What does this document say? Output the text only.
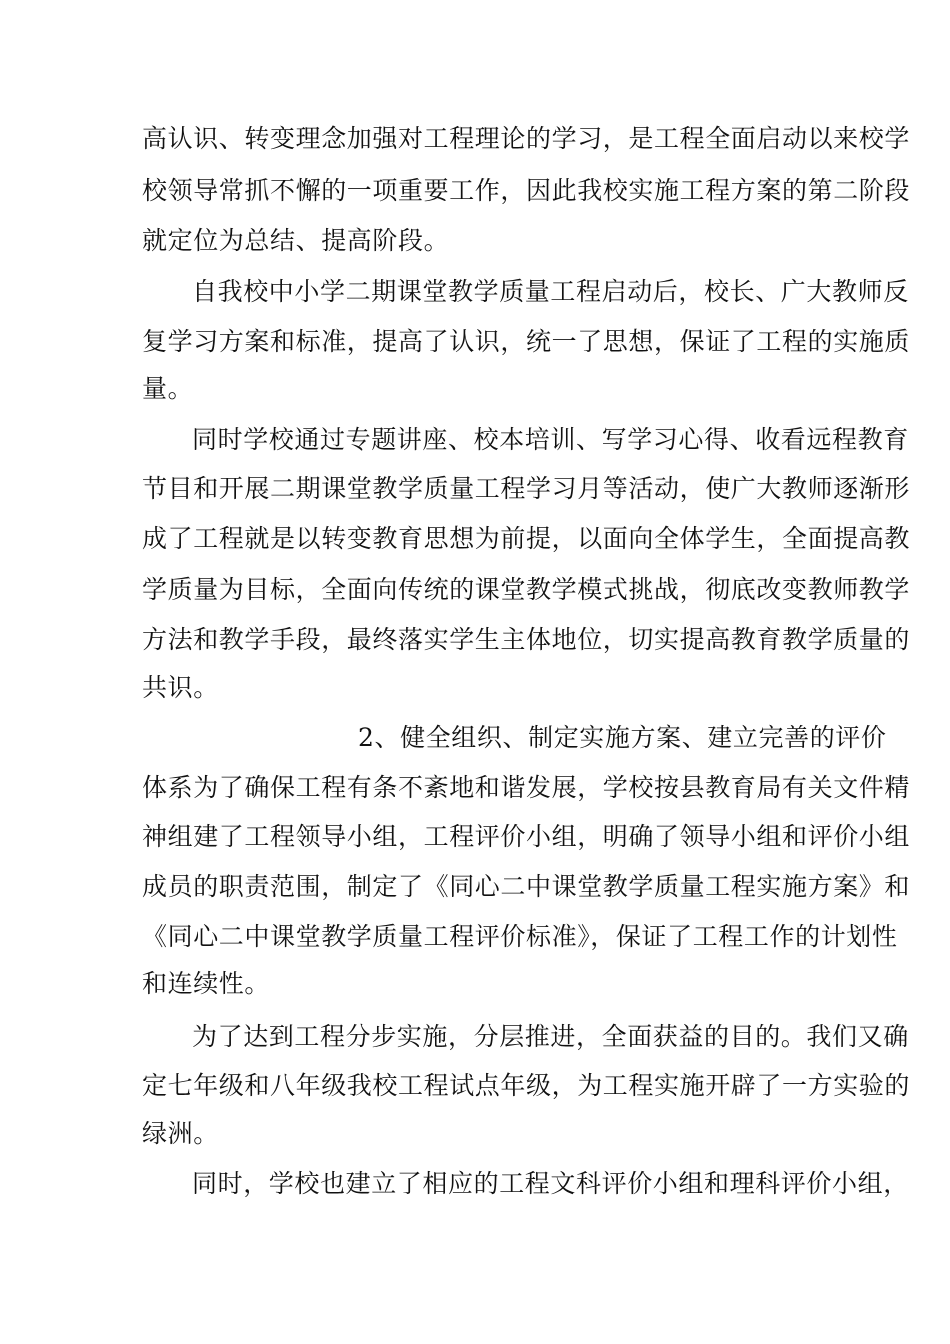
高认识、转变理念加强对工程理论的学习，是工程全面启动以来校学
校领导常抓不懈的一项重要工作，因此我校实施工程方案的第二阶段
就定位为总结、提高阶段。
自我校中小学二期课堂教学质量工程启动后，校长、广大教师反
复学习方案和标准，提高了认识，统一了思想，保证了工程的实施质
量。
同时学校通过专题讲座、校本培训、写学习心得、收看远程教育
节目和开展二期课堂教学质量工程学习月等活动，使广大教师逐渐形
成了工程就是以转变教育思想为前提，以面向全体学生，全面提高教
学质量为目标，全面向传统的课堂教学模式挑战，彻底改变教师教学
方法和教学手段，最终落实学生主体地位，切实提高教育教学质量的
共识。
2、健全组织、制定实施方案、建立完善的评价
体系为了确保工程有条不紊地和谐发展，学校按县教育局有关文件精
神组建了工程领导小组，工程评价小组，明确了领导小组和评价小组
成员的职责范围，制定了《同心二中课堂教学质量工程实施方案》和
《同心二中课堂教学质量工程评价标准》，保证了工程工作的计划性
和连续性。
为了达到工程分步实施，分层推进，全面获益的目的。我们又确
定七年级和八年级我校工程试点年级，为工程实施开辟了一方实验的
绿洲。
同时，学校也建立了相应的工程文科评价小组和理科评价小组，
